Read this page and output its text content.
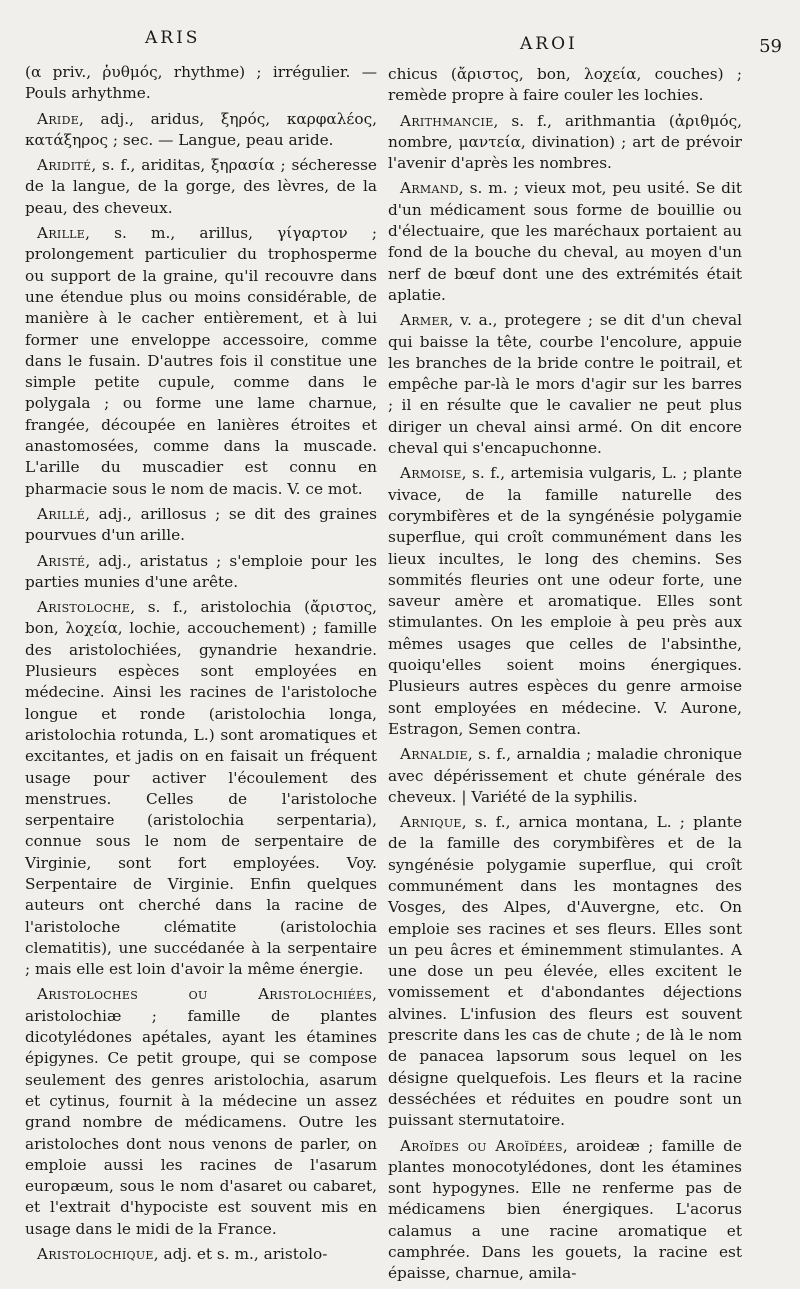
ARIS	AROI	59

(α priv., ῥυθμός, rhythme) ; irrégulier. —Pouls arhythme.

Aride, adj., aridus, ξηρός, καρφαλέος, κατάξηρος ; sec. — Langue, peau aride.

Aridité, s. f., ariditas, ξηρασία ; sécheresse de la langue, de la gorge, des lèvres, de la peau, des cheveux.

Arille, s. m., arillus, γίγαρτον ; prolongement particulier du trophosperme ou support de la graine, qu'il recouvre dans une étendue plus ou moins considérable, de manière à le cacher entièrement, et à lui former une enveloppe accessoire, comme dans le fusain. D'autres fois il constitue une simple petite cupule, comme dans le polygala ; ou forme une lame charnue, frangée, découpée en lanières étroites et anastomosées, comme dans la muscade. L'arille du muscadier est connu en pharmacie sous le nom de macis. V. ce mot.

Arillé, adj., arillosus ; se dit des graines pourvues d'un arille.

Aristé, adj., aristatus ; s'emploie pour les parties munies d'une arête.

Aristoloche, s. f., aristolochia (ἄριστος, bon, λοχεία, lochie, accouchement) ; famille des aristolochiées, gynandrie hexandrie. Plusieurs espèces sont employées en médecine. Ainsi les racines de l'aristoloche longue et ronde (aristolochia longa, aristolochia rotunda, L.) sont aromatiques et excitantes, et jadis on en faisait un fréquent usage pour activer l'écoulement des menstrues. Celles de l'aristoloche serpentaire (aristolochia serpentaria), connue sous le nom de serpentaire de Virginie, sont fort employées. Voy. Serpentaire de Virginie. Enfin quelques auteurs ont cherché dans la racine de l'aristoloche clématite (aristolochia clematitis), une succédanée à la serpentaire ; mais elle est loin d'avoir la même énergie.

Aristoloches ou Aristolochiées, aristolochiæ ; famille de plantes dicotylédones apétales, ayant les étamines épigynes. Ce petit groupe, qui se compose seulement des genres aristolochia, asarum et cytinus, fournit à la médecine un assez grand nombre de médicamens. Outre les aristoloches dont nous venons de parler, on emploie aussi les racines de l'asarum europæum, sous le nom d'asaret ou cabaret, et l'extrait d'hypociste est souvent mis en usage dans le midi de la France.

Aristolochique, adj. et s. m., aristolo-

chicus (ἄριστος, bon, λοχεία, couches) ; remède propre à faire couler les lochies.

Arithmancie, s. f., arithmantia (ἀριθμός, nombre, μαντεία, divination) ; art de prévoir l'avenir d'après les nombres.

Armand, s. m. ; vieux mot, peu usité. Se dit d'un médicament sous forme de bouillie ou d'électuaire, que les maréchaux portaient au fond de la bouche du cheval, au moyen d'un nerf de bœuf dont une des extrémités était aplatie.

Armer, v. a., protegere ; se dit d'un cheval qui baisse la tête, courbe l'encolure, appuie les branches de la bride contre le poitrail, et empêche par-là le mors d'agir sur les barres ; il en résulte que le cavalier ne peut plus diriger un cheval ainsi armé. On dit encore cheval qui s'encapuchonne.

Armoise, s. f., artemisia vulgaris, L. ; plante vivace, de la famille naturelle des corymbifères et de la syngénésie polygamie superflue, qui croît communément dans les lieux incultes, le long des chemins. Ses sommités fleuries ont une odeur forte, une saveur amère et aromatique. Elles sont stimulantes. On les emploie à peu près aux mêmes usages que celles de l'absinthe, quoiqu'elles soient moins énergiques. Plusieurs autres espèces du genre armoise sont employées en médecine. V. Aurone, Estragon, Semen contra.

Arnaldie, s. f., arnaldia ; maladie chronique avec dépérissement et chute générale des cheveux. | Variété de la syphilis.

Arnique, s. f., arnica montana, L. ; plante de la famille des corymbifères et de la syngénésie polygamie superflue, qui croît communément dans les montagnes des Vosges, des Alpes, d'Auvergne, etc. On emploie ses racines et ses fleurs. Elles sont un peu âcres et éminemment stimulantes. A une dose un peu élevée, elles excitent le vomissement et d'abondantes déjections alvines. L'infusion des fleurs est souvent prescrite dans les cas de chute ; de là le nom de panacea lapsorum sous lequel on les désigne quelquefois. Les fleurs et la racine desséchées et réduites en poudre sont un puissant sternutatoire.

Aroïdes ou Aroïdées, aroideæ ; famille de plantes monocotylédones, dont les étamines sont hypogynes. Elle ne renferme pas de médicamens bien énergiques. L'acorus calamus a une racine aromatique et camphrée. Dans les gouets, la racine est épaisse, charnue, amila-
